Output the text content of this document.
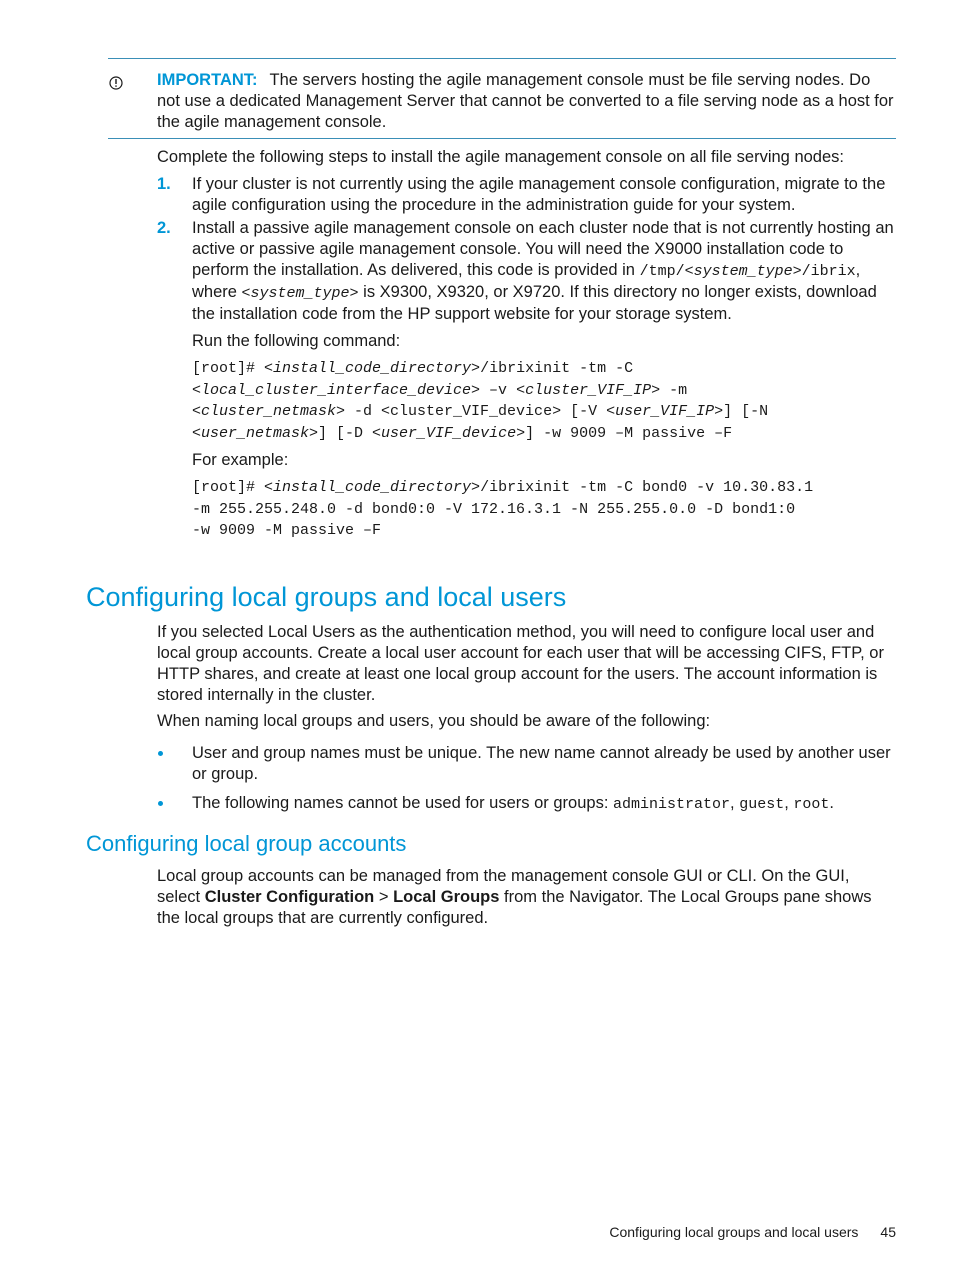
IMPORTANT: The servers hosting the agile management console must be file serving nodes. Do not use a dedicated Management Server that cannot be converted to a file serving node as a host for the agile management console.

Complete the following steps to install the agile management console on all file serving nodes:

1. If your cluster is not currently using the agile management console configuration, migrate to the agile configuration using the procedure in the administration guide for your system.

2. Install a passive agile management console on each cluster node that is not currently hosting an active or passive agile management console. You will need the X9000 installation code to perform the installation. As delivered, this code is provided in /tmp/<system_type>/ibrix, where <system_type> is X9300, X9320, or X9720. If this directory no longer exists, download the installation code from the HP support website for your storage system.

Run the following command:

[root]# <install_code_directory>/ibrixinit -tm -C
<local_cluster_interface_device> –v <cluster_VIF_IP> -m
<cluster_netmask> -d <cluster_VIF_device> [-V <user_VIF_IP>] [-N
<user_netmask>] [-D <user_VIF_device>] -w 9009 –M passive –F

For example:

[root]# <install_code_directory>/ibrixinit -tm -C bond0 -v 10.30.83.1
-m 255.255.248.0 -d bond0:0 -V 172.16.3.1 -N 255.255.0.0 -D bond1:0
-w 9009 -M passive –F
Configuring local groups and local users

If you selected Local Users as the authentication method, you will need to configure local user and local group accounts. Create a local user account for each user that will be accessing CIFS, FTP, or HTTP shares, and create at least one local group account for the users. The account information is stored internally in the cluster.

When naming local groups and users, you should be aware of the following:

User and group names must be unique. The new name cannot already be used by another user or group.
The following names cannot be used for users or groups: administrator, guest, root.
Configuring local group accounts

Local group accounts can be managed from the management console GUI or CLI. On the GUI, select Cluster Configuration > Local Groups from the Navigator. The Local Groups pane shows the local groups that are currently configured.

Configuring local groups and local users 45
